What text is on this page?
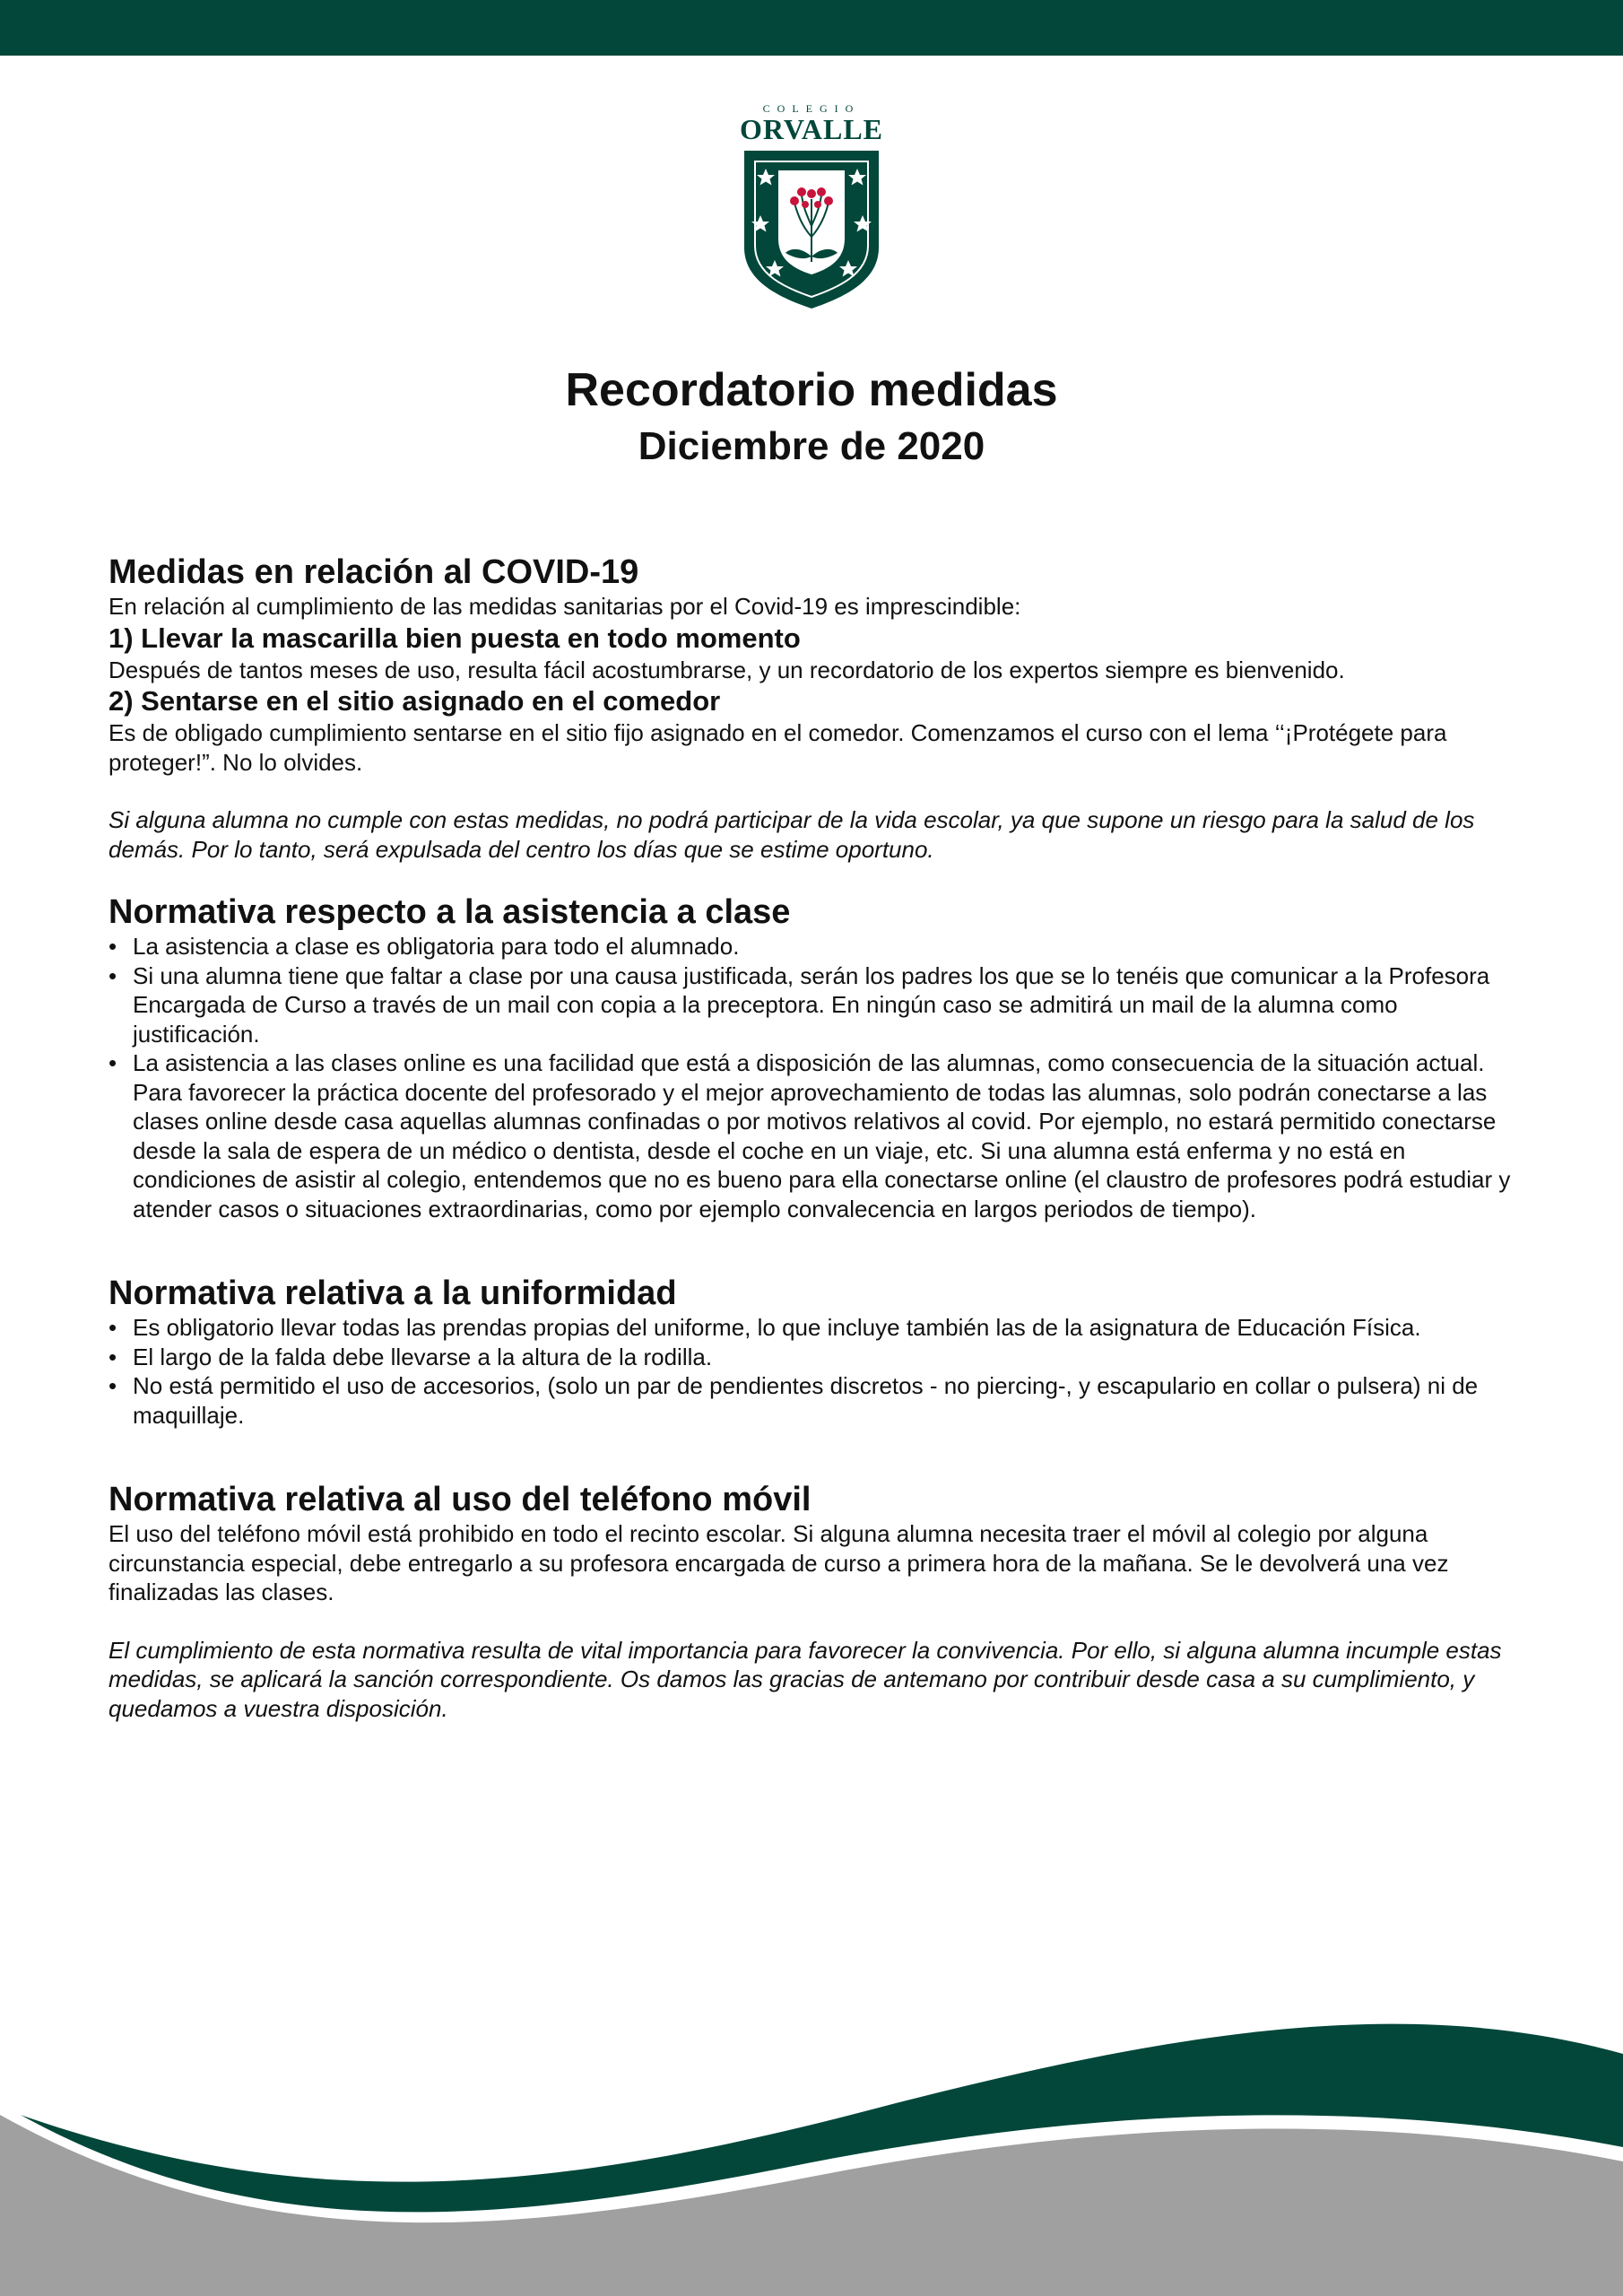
COLEGIO
ORVALLE
Recordatorio medidas

Diciembre de 2020

Medidas en relación al COVID-19

En relación al cumplimiento de las medidas sanitarias por el Covid-19 es imprescindible:

1) Llevar la mascarilla bien puesta en todo momento

Después de tantos meses de uso, resulta fácil acostumbrarse, y un recordatorio de los expertos siempre es bienvenido.

2) Sentarse en el sitio asignado en el comedor

Es de obligado cumplimiento sentarse en el sitio fijo asignado en el comedor. Comenzamos el curso con el lema ‘‘¡Protégete para proteger!”. No lo olvides.

Si alguna alumna no cumple con estas medidas, no podrá participar de la vida escolar, ya que supone un riesgo para la salud de los demás. Por lo tanto, será expulsada del centro los días que se estime oportuno.

Normativa respecto a la asistencia a clase
• La asistencia a clase es obligatoria para todo el alumnado.
• Si una alumna tiene que faltar a clase por una causa justificada, serán los padres los que se lo tenéis que comunicar a la Profesora Encargada de Curso a través de un mail con copia a la preceptora. En ningún caso se admitirá un mail de la alumna como justificación.
• La asistencia a las clases online es una facilidad que está a disposición de las alumnas, como consecuencia de la situación actual. Para favorecer la práctica docente del profesorado y el mejor aprovechamiento de todas las alumnas, solo podrán conectarse a las clases online desde casa aquellas alumnas confinadas o por motivos relativos al covid. Por ejemplo, no estará permitido conectarse desde la sala de espera de un médico o dentista, desde el coche en un viaje, etc. Si una alumna está enferma y no está en condiciones de asistir al colegio, entendemos que no es bueno para ella conectarse online (el claustro de profesores podrá estudiar y atender casos o situaciones extraordinarias, como por ejemplo convalecencia en largos periodos de tiempo).
Normativa relativa a la uniformidad
• Es obligatorio llevar todas las prendas propias del uniforme, lo que incluye también las de la asignatura de Educación Física.
• El largo de la falda debe llevarse a la altura de la rodilla.
• No está permitido el uso de accesorios, (solo un par de pendientes discretos - no piercing-, y escapulario en collar o pulsera) ni de maquillaje.
Normativa relativa al uso del teléfono móvil

El uso del teléfono móvil está prohibido en todo el recinto escolar. Si alguna alumna necesita traer el móvil al colegio por alguna circunstancia especial, debe entregarlo a su profesora encargada de curso a primera hora de la mañana. Se le devolverá una vez finalizadas las clases.

El cumplimiento de esta normativa resulta de vital importancia para favorecer la convivencia. Por ello, si alguna alumna incumple estas medidas, se aplicará la sanción correspondiente. Os damos las gracias de antemano por contribuir desde casa a su cumplimiento, y quedamos a vuestra disposición.
